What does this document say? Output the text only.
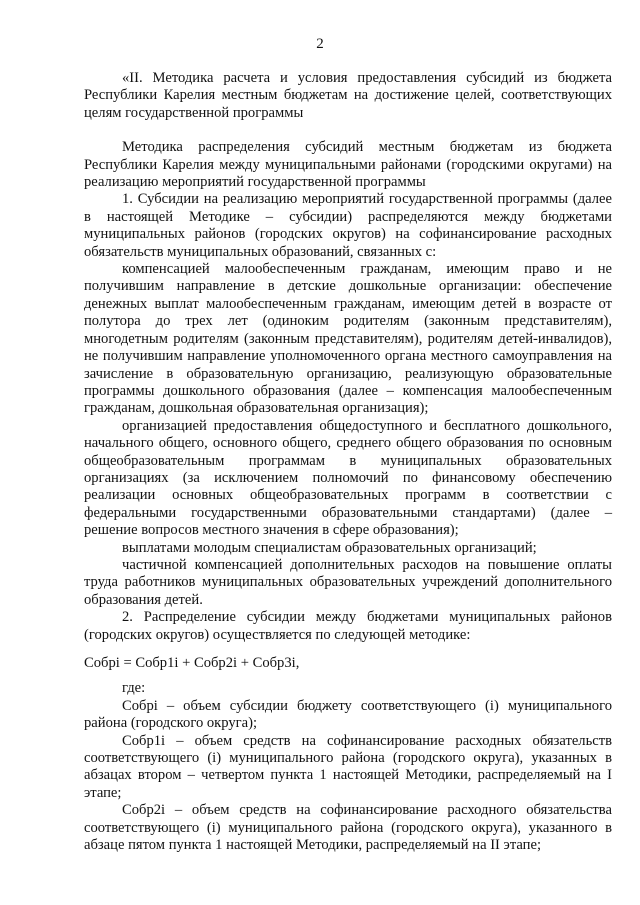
2

«II. Методика расчета и условия предоставления субсидий из бюджета Республики Карелия местным бюджетам на достижение целей, соответствующих целям государственной программы

Методика распределения субсидий местным бюджетам из бюджета Республики Карелия между муниципальными районами (городскими округами) на реализацию мероприятий государственной программы

1. Субсидии на реализацию мероприятий государственной программы (далее в настоящей Методике – субсидии) распределяются между бюджетами муниципальных районов (городских округов) на софинансирование расходных обязательств муниципальных образований, связанных с:

компенсацией малообеспеченным гражданам, имеющим право и не получившим направление в детские дошкольные организации: обеспечение денежных выплат малообеспеченным гражданам, имеющим детей в возрасте от полутора до трех лет (одиноким родителям (законным представителям), многодетным родителям (законным представителям), родителям детей-инвалидов), не получившим направление уполномоченного органа местного самоуправления на зачисление в образовательную организацию, реализующую образовательные программы дошкольного образования (далее – компенсация малообеспеченным гражданам, дошкольная образовательная организация);

организацией предоставления общедоступного и бесплатного дошкольного, начального общего, основного общего, среднего общего образования по основным общеобразовательным программам в муниципальных образовательных организациях (за исключением полномочий по финансовому обеспечению реализации основных общеобразовательных программ в соответствии с федеральными государственными образовательными стандартами) (далее – решение вопросов местного значения в сфере образования);

выплатами молодым специалистам образовательных организаций;

частичной компенсацией дополнительных расходов на повышение оплаты труда работников муниципальных образовательных учреждений дополнительного образования детей.

2. Распределение субсидии между бюджетами муниципальных районов (городских округов) осуществляется по следующей методике:

Собрi = Собр1i + Собр2i + Собр3i,

где:

Собрi – объем субсидии бюджету соответствующего (i) муниципального района (городского округа);

Собр1i – объем средств на софинансирование расходных обязательств соответствующего (i) муниципального района (городского округа), указанных в абзацах втором – четвертом пункта 1 настоящей Методики, распределяемый на I этапе;

Собр2i – объем средств на софинансирование расходного обязательства соответствующего (i) муниципального района (городского округа), указанного в абзаце пятом пункта 1 настоящей Методики, распределяемый на II этапе;
